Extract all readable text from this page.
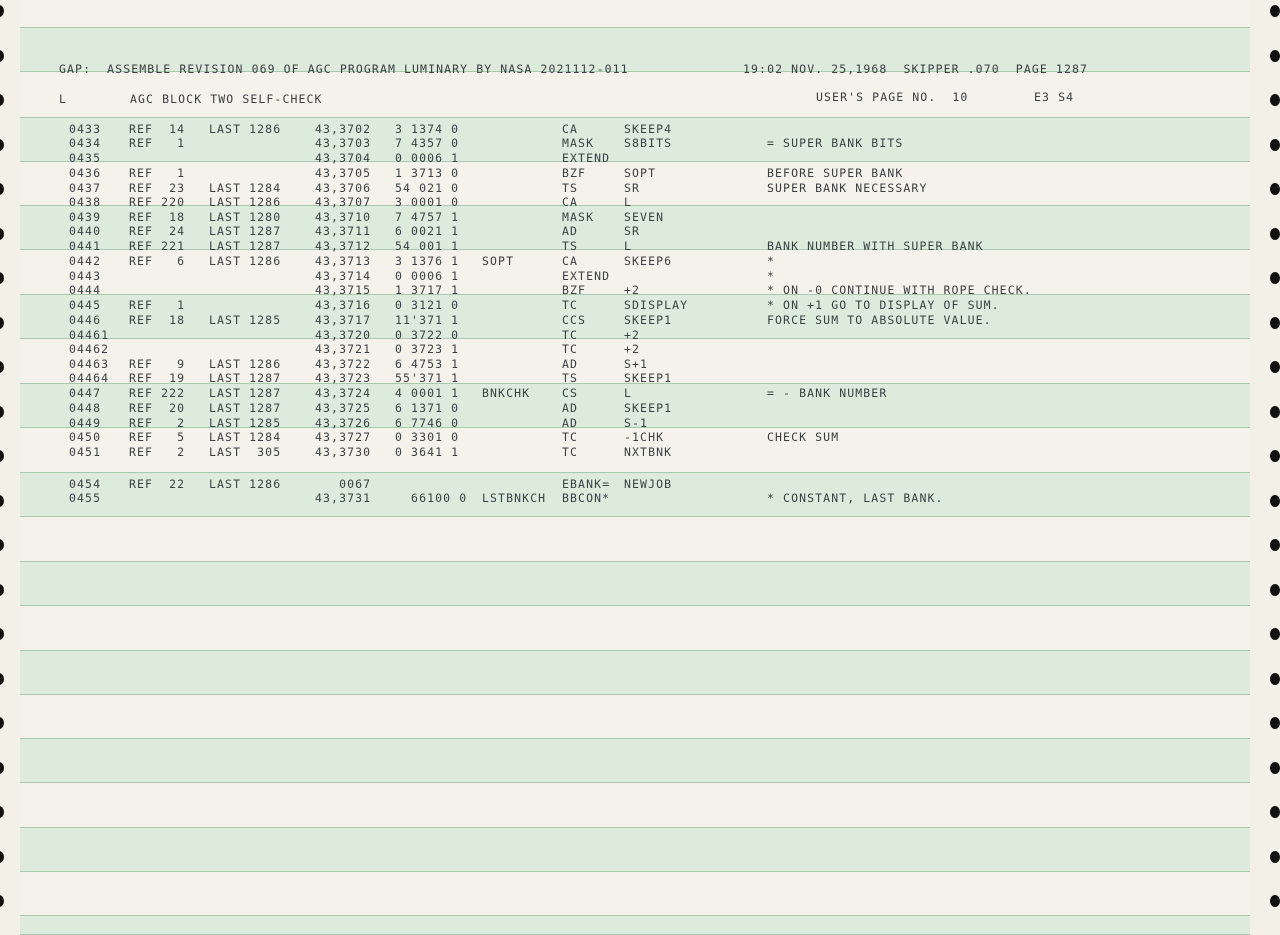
GAP:  ASSEMBLE REVISION 069 OF AGC PROGRAM LUMINARY BY NASA 2021112-011	19:02 NOV. 25,1968  SKIPPER .070  PAGE 1287
L	AGC BLOCK TWO SELF-CHECK	USER'S PAGE NO.  10	E3 S4
0433 REF  14 LAST 1286	43,3702 3 1374 0	CA	SKEEP4
0434 REF   1	43,3703 7 4357 0	MASK	S8BITS	= SUPER BANK BITS
0435	43,3704 0 0006 1	EXTEND
0436 REF   1	43,3705 1 3713 0	BZF	SOPT	BEFORE SUPER BANK
0437 REF  23 LAST 1284	43,3706 54 021 0	TS	SR	SUPER BANK NECESSARY
0438 REF 220 LAST 1286	43,3707 3 0001 0	CA	L
0439 REF  18 LAST 1280	43,3710 7 4757 1	MASK	SEVEN
0440 REF  24 LAST 1287	43,3711 6 0021 1	AD	SR
0441 REF 221 LAST 1287	43,3712 54 001 1	TS	L	BANK NUMBER WITH SUPER BANK
0442 REF   6 LAST 1286	43,3713 3 1376 1 SOPT	CA	SKEEP6	*
0443	43,3714 0 0006 1	EXTEND	*
0444	43,3715 1 3717 1	BZF	+2	* ON -0 CONTINUE WITH ROPE CHECK.
0445 REF   1	43,3716 0 3121 0	TC	SDISPLAY	* ON +1 GO TO DISPLAY OF SUM.
0446 REF  18 LAST 1285	43,3717 11'371 1	CCS	SKEEP1	FORCE SUM TO ABSOLUTE VALUE.
04461	43,3720 0 3722 0	TC	+2
04462	43,3721 0 3723 1	TC	+2
04463 REF   9 LAST 1286	43,3722 6 4753 1	AD	S+1
04464 REF  19 LAST 1287	43,3723 55'371 1	TS	SKEEP1
0447 REF 222 LAST 1287	43,3724 4 0001 1 BNKCHK	CS	L	= - BANK NUMBER
0448 REF  20 LAST 1287	43,3725 6 1371 0	AD	SKEEP1
0449 REF   2 LAST 1285	43,3726 6 7746 0	AD	S-1
0450 REF   5 LAST 1284	43,3727 0 3301 0	TC	-1CHK	CHECK SUM
0451 REF   2 LAST  305	43,3730 0 3641 1	TC	NXTBNK
0454 REF  22 LAST 1286	0067	EBANK= NEWJOB
0455	43,3731 66100 0 LSTBNKCH BBCON*	* CONSTANT, LAST BANK.
